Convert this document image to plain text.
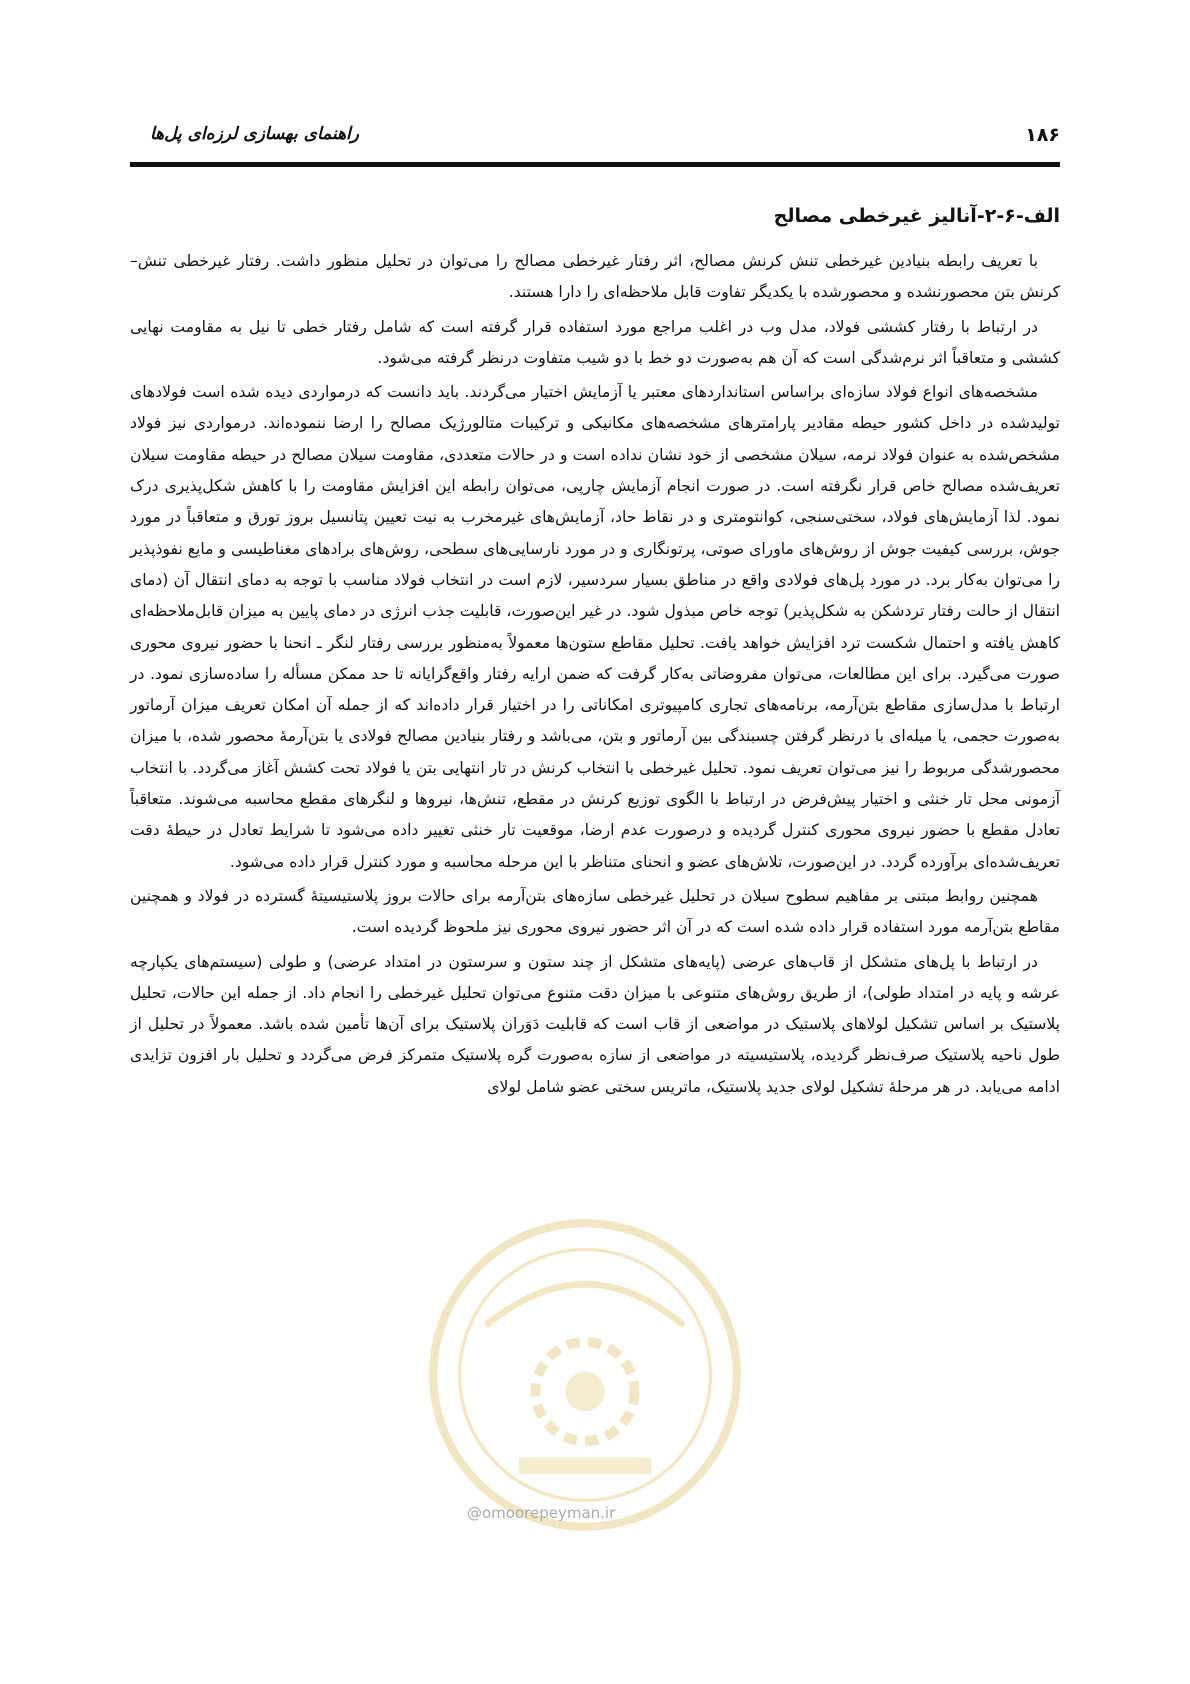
۱۸۶
راهنمای بهسازی لرزه‌ای پل‌ها
الف-۶-۲-آنالیز غیرخطی مصالح

با تعریف رابطه بنیادین غیرخطی تنش کرنش مصالح، اثر رفتار غیرخطی مصالح را می‌توان در تحلیل منظور داشت. رفتار غیرخطی تنش–کرنش بتن محصورنشده و محصورشده با یکدیگر تفاوت قابل ملاحظه‌ای را دارا هستند.

در ارتباط با رفتار کششی فولاد، مدل وب در اغلب مراجع مورد استفاده قرار گرفته است که شامل رفتار خطی تا نیل به مقاومت نهایی کششی و متعاقباً اثر نرم‌شدگی است که آن هم به‌صورت دو خط با دو شیب متفاوت درنظر گرفته می‌شود.

مشخصه‌های انواع فولاد سازه‌ای براساس استانداردهای معتبر یا آزمایش اختیار می‌گردند. باید دانست که درمواردی دیده شده است فولادهای تولیدشده در داخل کشور حیطه مقادیر پارامترهای مشخصه‌های مکانیکی و ترکیبات متالورژیک مصالح را ارضا ننموده‌اند. درمواردی نیز فولاد مشخص‌شده به عنوان فولاد نرمه، سیلان مشخصی از خود نشان نداده است و در حالات متعددی، مقاومت سیلان مصالح در حیطه مقاومت سیلان تعریف‌شده مصالح خاص قرار نگرفته است. در صورت انجام آزمایش چارپی، می‌توان رابطه این افزایش مقاومت را با کاهش شکل‌پذیری درک نمود. لذا آزمایش‌های فولاد، سختی‌سنجی، کوانتومتری و در نقاط حاد، آزمایش‌های غیرمخرب به نیت تعیین پتانسیل بروز تورق و متعاقباً در مورد جوش، بررسی کیفیت جوش از روش‌های ماورای صوتی، پرتونگاری و در مورد نارسایی‌های سطحی، روش‌های برادهای مغناطیسی و مایع نفوذپذیر را می‌توان به‌کار برد. در مورد پل‌های فولادی واقع در مناطق بسیار سردسیر، لازم است در انتخاب فولاد مناسب با توجه به دمای انتقال آن (دمای انتقال از حالت رفتار تردشکن به شکل‌پذیر) توجه خاص مبذول شود. در غیر این‌صورت، قابلیت جذب انرژی در دمای پایین به میزان قابل‌ملاحظه‌ای کاهش یافته و احتمال شکست ترد افزایش خواهد یافت. تحلیل مقاطع ستون‌ها معمولاً به‌منظور بررسی رفتار لنگر ـ انحنا با حضور نیروی محوری صورت می‌گیرد. برای این مطالعات، می‌توان مفروضاتی به‌کار گرفت که ضمن ارایه رفتار واقع‌گرایانه تا حد ممکن مسأله را ساده‌سازی نمود. در ارتباط با مدل‌سازی مقاطع بتن‌آرمه، برنامه‌های تجاری کامپیوتری امکاناتی را در اختیار قرار داده‌اند که از جمله آن امکان تعریف میزان آرماتور به‌صورت حجمی، یا میله‌ای با درنظر گرفتن چسبندگی بین آرماتور و بتن، می‌باشد و رفتار بنیادین مصالح فولادی یا بتن‌آرمهٔ محصور شده، با میزان محصورشدگی مربوط را نیز می‌توان تعریف نمود. تحلیل غیرخطی با انتخاب کرنش در تار انتهایی بتن یا فولاد تحت کشش آغاز می‌گردد. با انتخاب آزمونی محل تار خنثی و اختیار پیش‌فرض در ارتباط با الگوی توزیع کرنش در مقطع، تنش‌ها، نیروها و لنگرهای مقطع محاسبه می‌شوند. متعاقباً تعادل مقطع با حضور نیروی محوری کنترل گردیده و درصورت عدم ارضا، موقعیت تار خنثی تغییر داده می‌شود تا شرایط تعادل در حیطهٔ دقت تعریف‌شده‌ای برآورده گردد. در این‌صورت، تلاش‌های عضو و انحنای متناظر با این مرحله محاسبه و مورد کنترل قرار داده می‌شود.

همچنین روابط مبتنی بر مفاهیم سطوح سیلان در تحلیل غیرخطی سازه‌های بتن‌آرمه برای حالات بروز پلاستیسیتهٔ گسترده در فولاد و همچنین مقاطع بتن‌آرمه مورد استفاده قرار داده شده است که در آن اثر حضور نیروی محوری نیز ملحوظ گردیده است.

در ارتباط با پل‌های متشکل از قاب‌های عرضی (پایه‌های متشکل از چند ستون و سرستون در امتداد عرضی) و طولی (سیستم‌های یکپارچه عرشه و پایه در امتداد طولی)، از طریق روش‌های متنوعی با میزان دقت متنوع می‌توان تحلیل غیرخطی را انجام داد. از جمله این حالات، تحلیل پلاستیک بر اساس تشکیل لولاهای پلاستیک در مواضعی از قاب است که قابلیت دَوَران پلاستیک برای آن‌ها تأمین شده باشد. معمولاً در تحلیل از طول ناحیه پلاستیک صرف‌نظر گردیده، پلاستیسیته در مواضعی از سازه به‌صورت گره پلاستیک متمرکز فرض می‌گردد و تحلیل بار افزون تزایدی ادامه می‌یابد. در هر مرحلهٔ تشکیل لولای جدید پلاستیک، ماتریس سختی عضو شامل لولای

@omoorepeyman.ir
